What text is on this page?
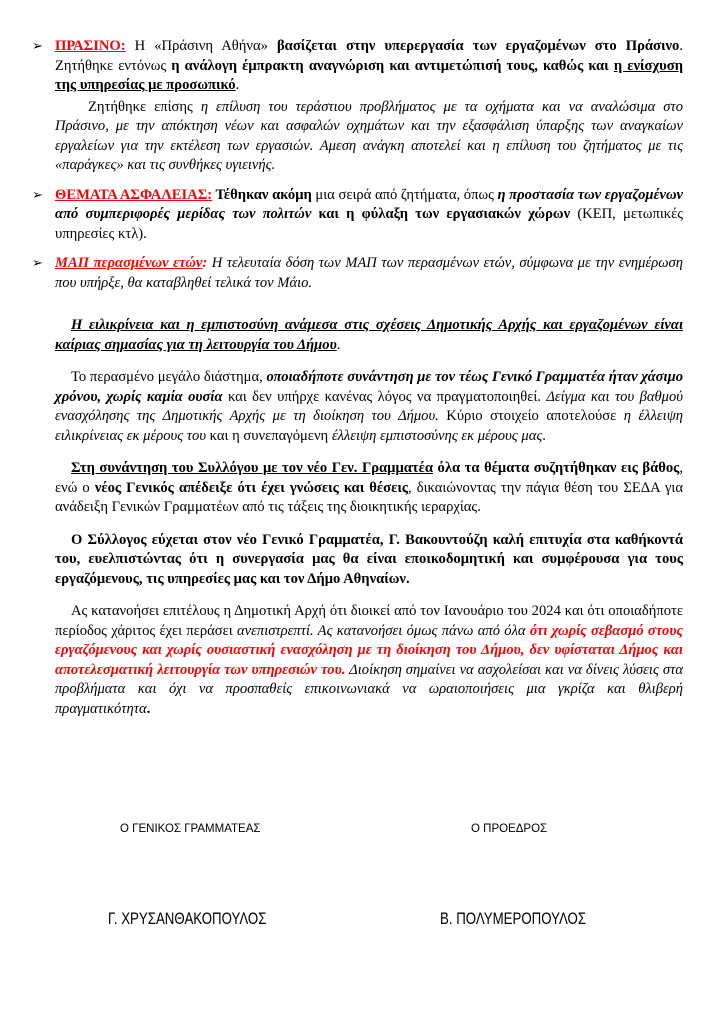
➢ ΠΡΑΣΙΝΟ: Η «Πράσινη Αθήνα» βασίζεται στην υπερεργασία των εργαζομένων στο Πράσινο. Ζητήθηκε εντόνως η ανάλογη έμπρακτη αναγνώριση και αντιμετώπισή τους, καθώς και η ενίσχυση της υπηρεσίας με προσωπικό.

Ζητήθηκε επίσης η επίλυση του τεράστιου προβλήματος με τα οχήματα και να αναλώσιμα στο Πράσινο, με την απόκτηση νέων και ασφαλών οχημάτων και την εξασφάλιση ύπαρξης των αναγκαίων εργαλείων για την εκτέλεση των εργασιών. Αμεση ανάγκη αποτελεί και η επίλυση του ζητήματος με τις «παράγκες» και τις συνθήκες υγιεινής.

➢ ΘΕΜΑΤΑ ΑΣΦΑΛΕΙΑΣ: Τέθηκαν ακόμη μια σειρά από ζητήματα, όπως η προστασία των εργαζομένων από συμπεριφορές μερίδας των πολιτών και η φύλαξη των εργασιακών χώρων (ΚΕΠ, μετωπικές υπηρεσίες κτλ).

➢ ΜΑΠ περασμένων ετών: Η τελευταία δόση των ΜΑΠ των περασμένων ετών, σύμφωνα με την ενημέρωση που υπήρξε, θα καταβληθεί τελικά τον Μάιο.

Η ειλικρίνεια και η εμπιστοσύνη ανάμεσα στις σχέσεις Δημοτικής Αρχής και εργαζομένων είναι καίριας σημασίας για τη λειτουργία του Δήμου.

Το περασμένο μεγάλο διάστημα, οποιαδήποτε συνάντηση με τον τέως Γενικό Γραμματέα ήταν χάσιμο χρόνου, χωρίς καμία ουσία και δεν υπήρχε κανένας λόγος να πραγματοποιηθεί. Δείγμα και του βαθμού ενασχόλησης της Δημοτικής Αρχής με τη διοίκηση του Δήμου. Κύριο στοιχείο αποτελούσε η έλλειψη ειλικρίνειας εκ μέρους του και η συνεπαγόμενη έλλειψη εμπιστοσύνης εκ μέρους μας.

Στη συνάντηση του Συλλόγου με τον νέο Γεν. Γραμματέα όλα τα θέματα συζητήθηκαν εις βάθος, ενώ ο νέος Γενικός απέδειξε ότι έχει γνώσεις και θέσεις, δικαιώνοντας την πάγια θέση του ΣΕΔΑ για ανάδειξη Γενικών Γραμματέων από τις τάξεις της διοικητικής ιεραρχίας.

Ο Σύλλογος εύχεται στον νέο Γενικό Γραμματέα, Γ. Βακουντούζη καλή επιτυχία στα καθήκοντά του, ευελπιστώντας ότι η συνεργασία μας θα είναι εποικοδομητική και συμφέρουσα για τους εργαζόμενους, τις υπηρεσίες μας και τον Δήμο Αθηναίων.

Ας κατανοήσει επιτέλους η Δημοτική Αρχή ότι διοικεί από τον Ιανουάριο του 2024 και ότι οποιαδήποτε περίοδος χάριτος έχει περάσει ανεπιστρεπτί. Ας κατανοήσει όμως πάνω από όλα ότι χωρίς σεβασμό στους εργαζόμενους και χωρίς ουσιαστική ενασχόληση με τη διοίκηση του Δήμου, δεν υφίσταται Δήμος και αποτελεσματική λειτουργία των υπηρεσιών του. Διοίκηση σημαίνει να ασχολείσαι και να δίνεις λύσεις στα προβλήματα και όχι να προσπαθείς επικοινωνιακά να ωραιοποιήσεις μια γκρίζα και θλιβερή πραγματικότητα.

Ο ΓΕΝΙΚΟΣ ΓΡΑΜΜΑΤΕΑΣ	Ο ΠΡΟΕΔΡΟΣ
Γ. ΧΡΥΣΑΝΘΑΚΟΠΟΥΛΟΣ	Β. ΠΟΛΥΜΕΡΟΠΟΥΛΟΣ
